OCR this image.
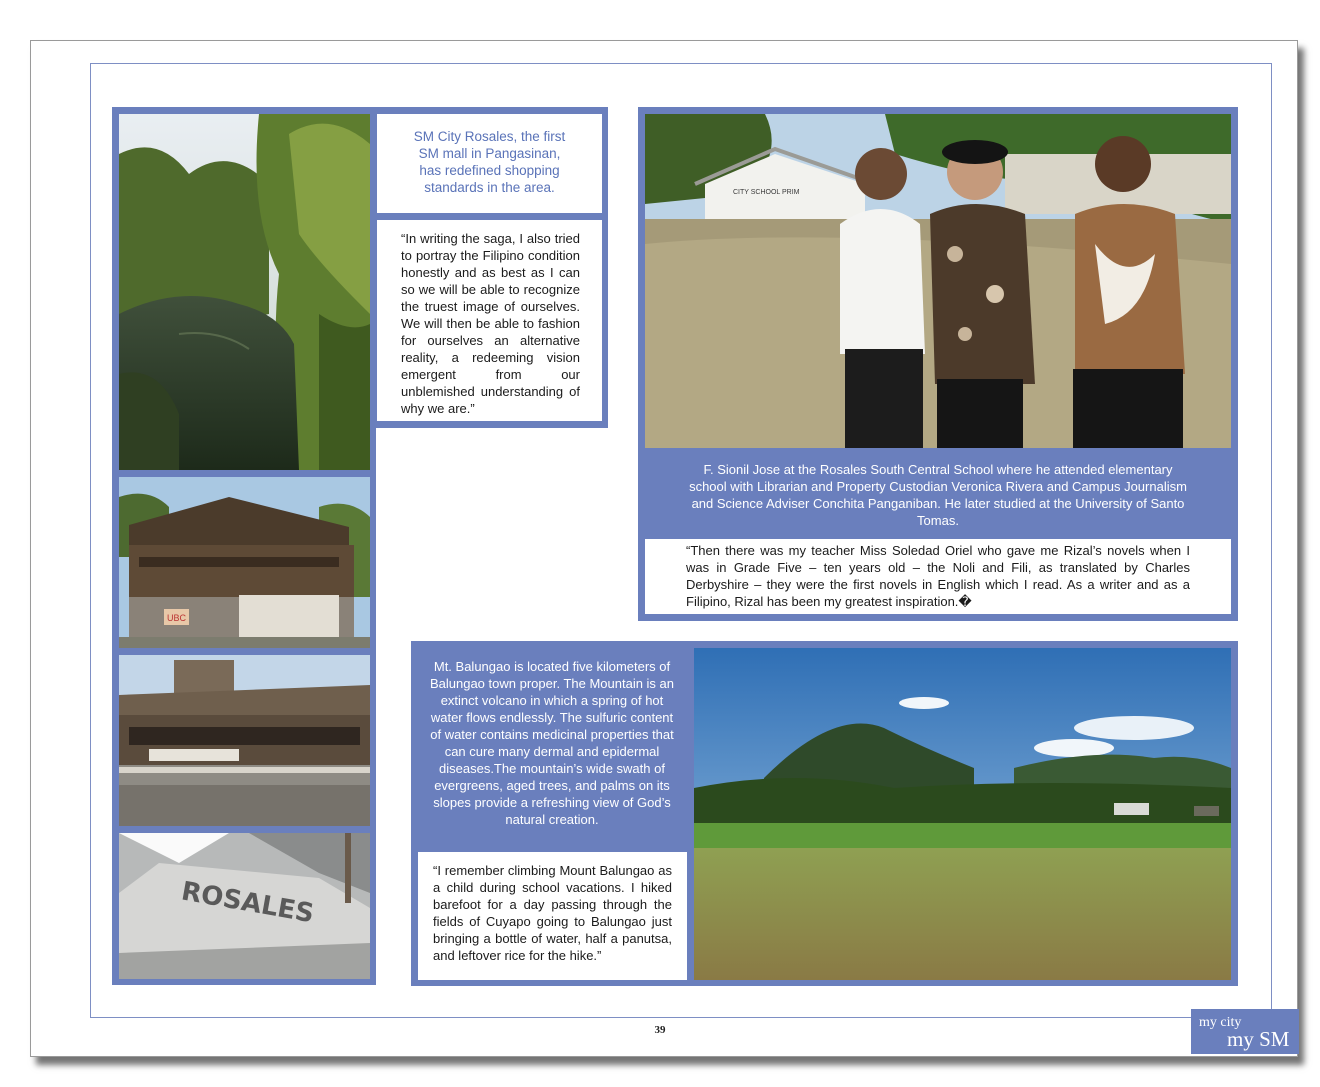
UBC
ROSALES
SM City Rosales, the first SM mall in Pangasinan, has redefined shopping standards in the area.
“In writing the saga, I also tried to portray the Filipino condition honestly and as best as I can so we will be able to recognize the truest image of ourselves. We will then be able to fashion for ourselves an alternative reality, a redeeming vision emergent from our unblemished understanding of why we are.”
CITY SCHOOL PRIM
F. Sionil Jose at the Rosales South Central School where he attended elementary school with Librarian and Property Custodian Veronica Rivera and Campus Journalism and Science Adviser Conchita Panganiban. He later studied at the University of Santo Tomas.
“Then there was my teacher Miss Soledad Oriel who gave me Rizal’s novels when I was in Grade Five – ten years old – the Noli and Fili, as translated by Charles Derbyshire – they were the first novels in English which I read. As a writer and as a Filipino, Rizal has been my greatest inspiration.�
Mt. Balungao is located five kilometers of Balungao town proper. The Mountain is an extinct volcano in which a spring of hot water flows endlessly. The sulfuric content of water contains medicinal properties that can cure many dermal and epidermal diseases.The mountain’s wide swath of evergreens, aged trees, and palms on its slopes provide a refreshing view of God’s natural creation.
“I remember climbing Mount Balungao as a child during school vacations. I hiked barefoot for a day passing through the fields of Cuyapo going to Balungao just bringing a bottle of water, half a panutsa, and leftover rice for the hike.”
39	my city
my SM
